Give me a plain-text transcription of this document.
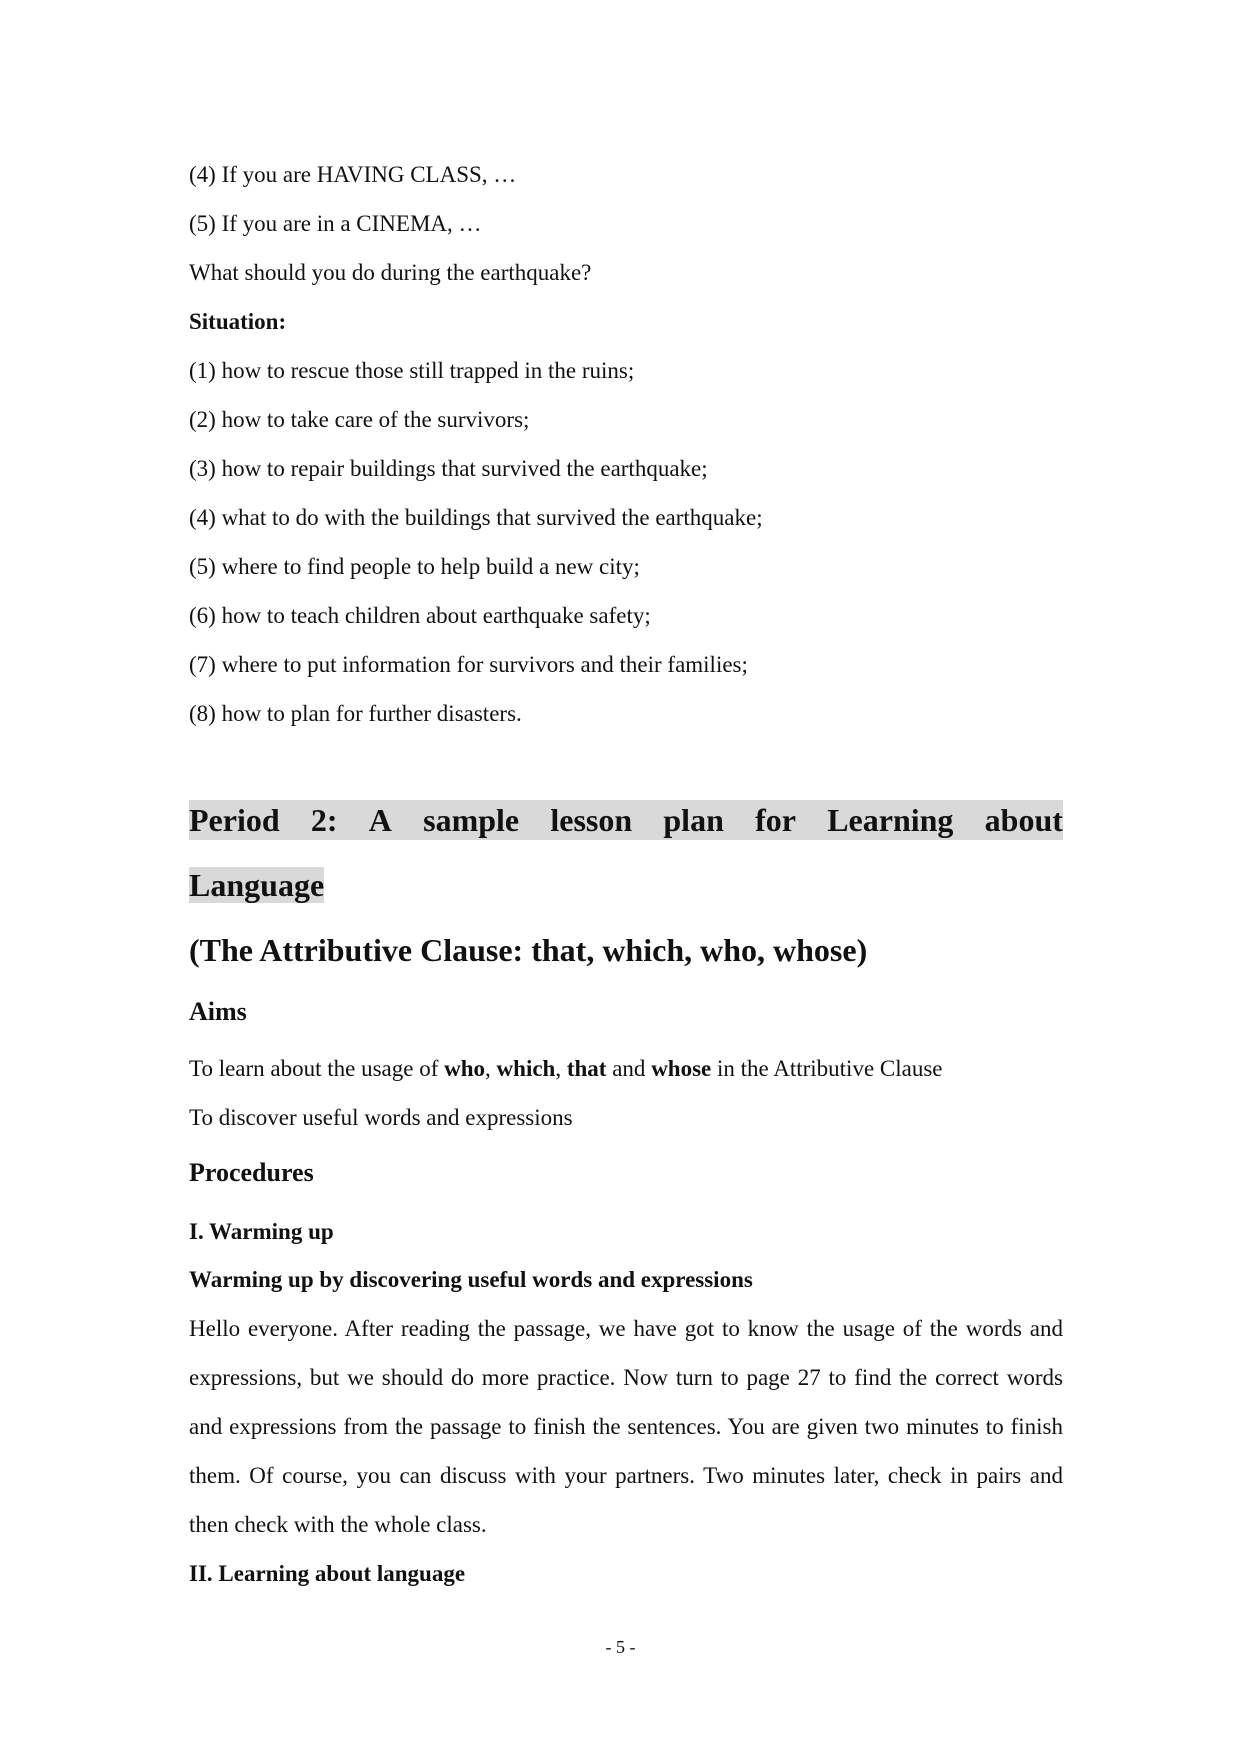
(4) If you are HAVING CLASS, …
(5) If you are in a CINEMA, …
What should you do during the earthquake?
Situation:
(1) how to rescue those still trapped in the ruins;
(2) how to take care of the survivors;
(3) how to repair buildings that survived the earthquake;
(4) what to do with the buildings that survived the earthquake;
(5) where to find people to help build a new city;
(6) how to teach children about earthquake safety;
(7) where to put information for survivors and their families;
(8) how to plan for further disasters.
Period 2: A sample lesson plan for Learning about
Language
(The Attributive Clause: that, which, who, whose)
Aims
To learn about the usage of who, which, that and whose in the Attributive Clause
To discover useful words and expressions
Procedures
I. Warming up
Warming up by discovering useful words and expressions
Hello everyone. After reading the passage, we have got to know the usage of the words and expressions, but we should do more practice. Now turn to page 27 to find the correct words and expressions from the passage to finish the sentences. You are given two minutes to finish them. Of course, you can discuss with your partners. Two minutes later, check in pairs and then check with the whole class.
II. Learning about language
- 5 -
